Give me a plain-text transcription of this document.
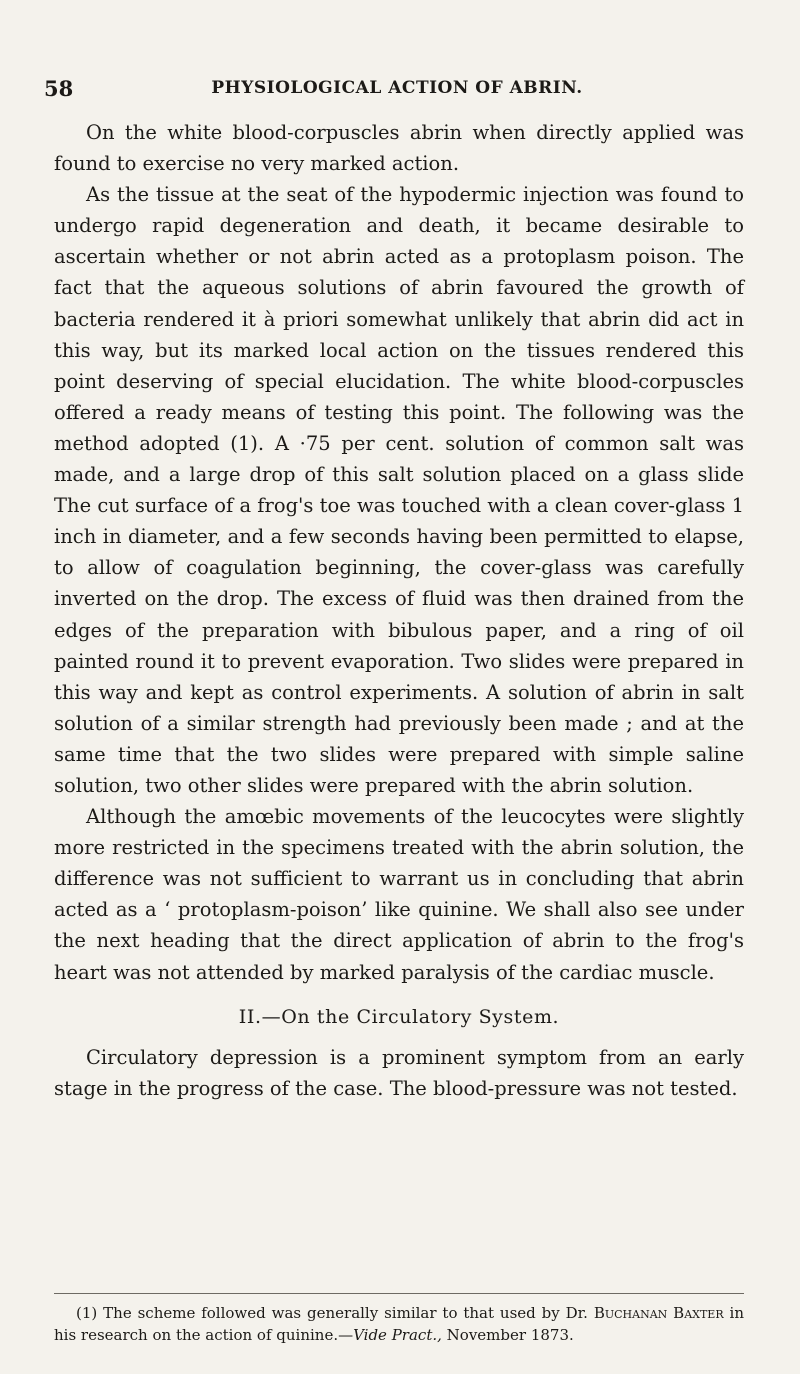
58	PHYSIOLOGICAL ACTION OF ABRIN.

On the white blood-corpuscles abrin when directly applied was found to exercise no very marked action.

As the tissue at the seat of the hypodermic injection was found to undergo rapid degeneration and death, it became desirable to ascertain whether or not abrin acted as a protoplasm poison. The fact that the aqueous solutions of abrin favoured the growth of bacteria rendered it à priori somewhat unlikely that abrin did act in this way, but its marked local action on the tissues rendered this point deserving of special elucidation. The white blood-corpuscles offered a ready means of testing this point. The following was the method adopted (1). A ·75 per cent. solution of common salt was made, and a large drop of this salt solution placed on a glass slide The cut surface of a frog's toe was touched with a clean cover-glass 1 inch in diameter, and a few seconds having been permitted to elapse, to allow of coagulation beginning, the cover-glass was carefully inverted on the drop. The excess of fluid was then drained from the edges of the preparation with bibulous paper, and a ring of oil painted round it to prevent evaporation. Two slides were prepared in this way and kept as control experiments. A solution of abrin in salt solution of a similar strength had previously been made ; and at the same time that the two slides were prepared with simple saline solution, two other slides were prepared with the abrin solution.

Although the amœbic movements of the leucocytes were slightly more restricted in the specimens treated with the abrin solution, the difference was not sufficient to warrant us in concluding that abrin acted as a ‘ protoplasm-poison’ like quinine. We shall also see under the next heading that the direct application of abrin to the frog's heart was not attended by marked paralysis of the cardiac muscle.

II.—On the Circulatory System.

Circulatory depression is a prominent symptom from an early stage in the progress of the case. The blood-pressure was not tested.

(1) The scheme followed was generally similar to that used by Dr. Buchanan Baxter in his research on the action of quinine.—Vide Pract., November 1873.
